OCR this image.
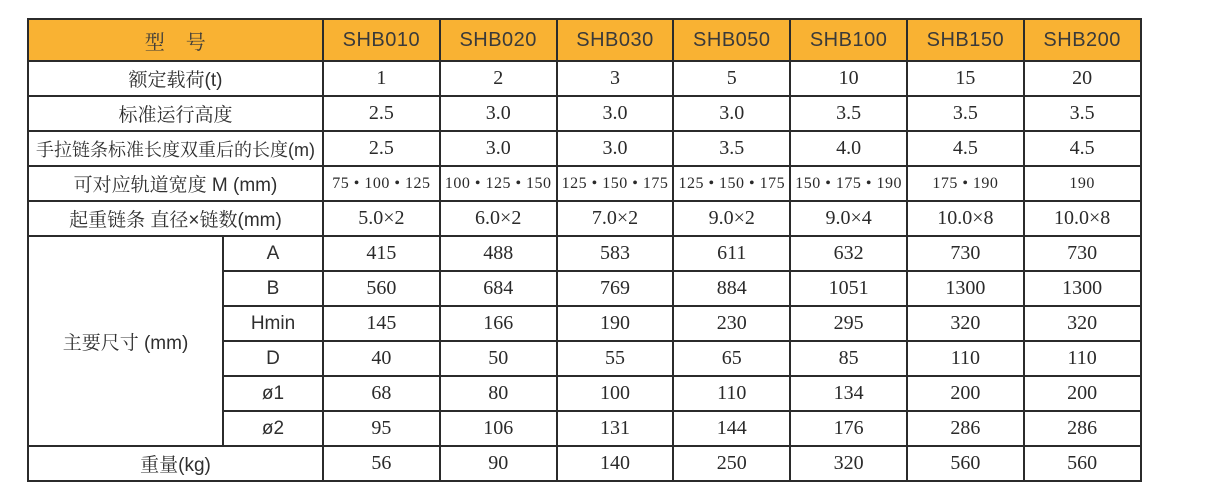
型　号		SHB010	SHB020	SHB030	SHB050	SHB100	SHB150	SHB200
额定载荷(t)		1	2	3	5	10	15	20
标准运行高度		2.5	3.0	3.0	3.0	3.5	3.5	3.5
手拉链条标准长度双重后的长度(m)		2.5	3.0	3.0	3.5	4.0	4.5	4.5
可对应轨道宽度 M (mm)		75 • 100 • 125	100 • 125 • 150	125 • 150 • 175	125 • 150 • 175	150 • 175 • 190	175 • 190	190
起重链条 直径×链数(mm)		5.0×2	6.0×2	7.0×2	9.0×2	9.0×4	10.0×8	10.0×8
主要尺寸 (mm)	A	415	488	583	611	632	730	730
	B	560	684	769	884	1051	1300	1300
	Hmin	145	166	190	230	295	320	320
	D	40	50	55	65	85	110	110
	ø1	68	80	100	110	134	200	200
	ø2	95	106	131	144	176	286	286
重量(kg)		56	90	140	250	320	560	560
